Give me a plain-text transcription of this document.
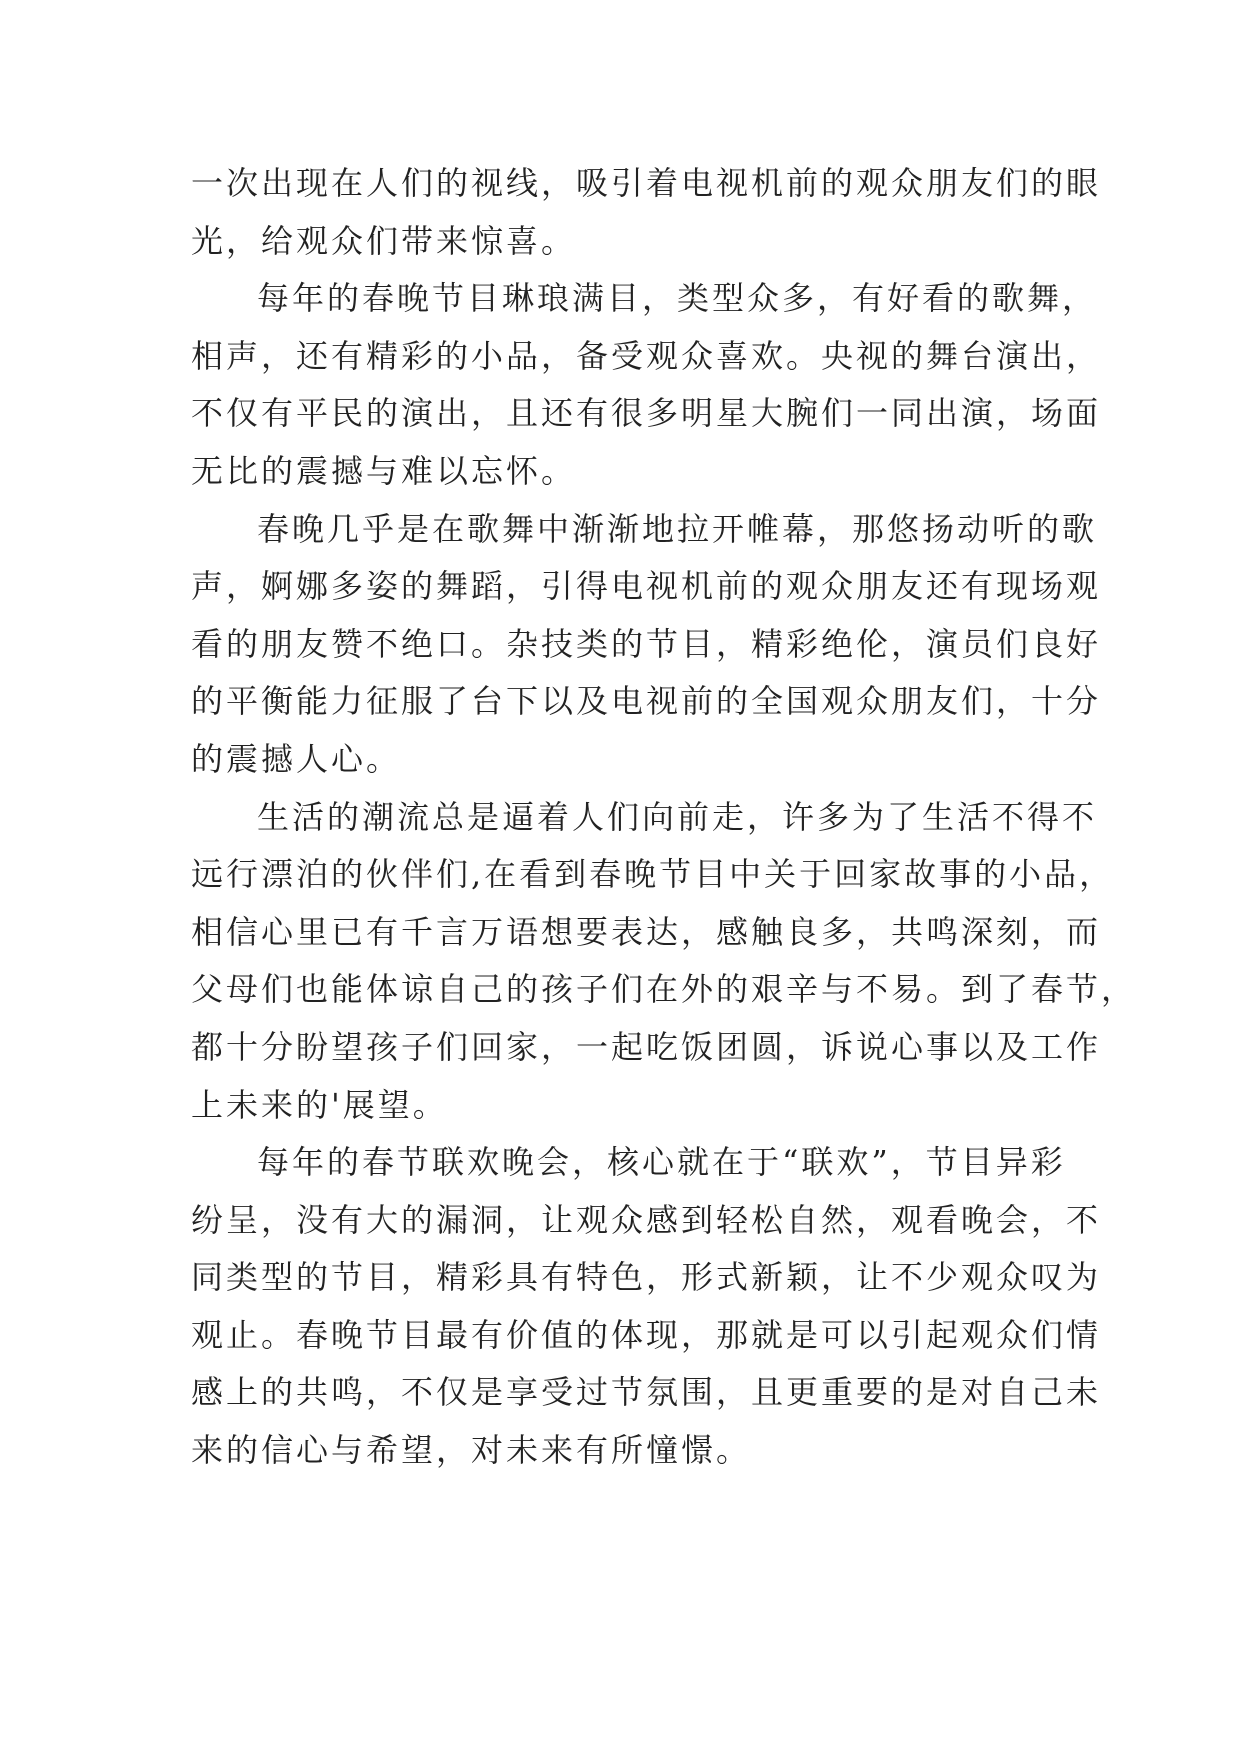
一次出现在人们的视线，吸引着电视机前的观众朋友们的眼

光，给观众们带来惊喜。

每年的春晚节目琳琅满目，类型众多，有好看的歌舞，

相声，还有精彩的小品，备受观众喜欢。央视的舞台演出，

不仅有平民的演出，且还有很多明星大腕们一同出演，场面

无比的震撼与难以忘怀。

春晚几乎是在歌舞中渐渐地拉开帷幕，那悠扬动听的歌

声，婀娜多姿的舞蹈，引得电视机前的观众朋友还有现场观

看的朋友赞不绝口。杂技类的节目，精彩绝伦，演员们良好

的平衡能力征服了台下以及电视前的全国观众朋友们，十分

的震撼人心。

生活的潮流总是逼着人们向前走，许多为了生活不得不

远行漂泊的伙伴们,在看到春晚节目中关于回家故事的小品，

相信心里已有千言万语想要表达，感触良多，共鸣深刻，而

父母们也能体谅自己的孩子们在外的艰辛与不易。到了春节，

都十分盼望孩子们回家，一起吃饭团圆，诉说心事以及工作

上未来的'展望。

每年的春节联欢晚会，核心就在于“联欢”，节目异彩

纷呈，没有大的漏洞，让观众感到轻松自然，观看晚会，不

同类型的节目，精彩具有特色，形式新颖，让不少观众叹为

观止。春晚节目最有价值的体现，那就是可以引起观众们情

感上的共鸣，不仅是享受过节氛围，且更重要的是对自己未

来的信心与希望，对未来有所憧憬。
